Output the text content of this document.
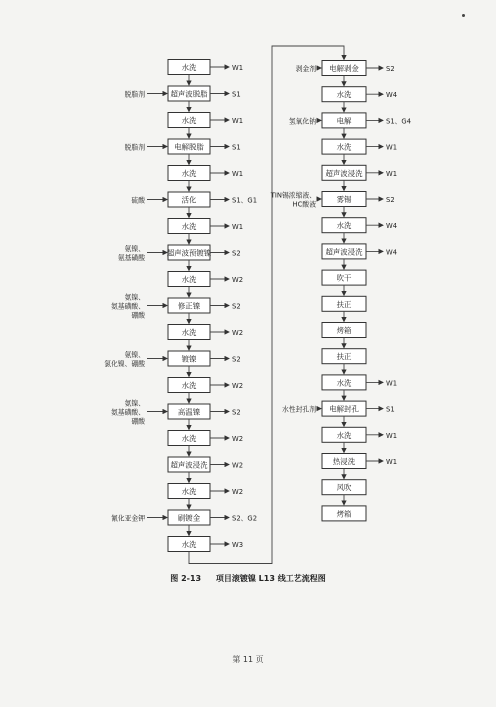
水洗	W1
超声波脱脂	S1
脱脂剂
水洗	W1
电解脱脂	S1
脱脂剂
水洗	W1
活化	S1、G1
硫酸
水洗	W1
超声波预镀镍	S2
氨镍、氨基磺酸
水洗	W2
修正镍	S2
氨镍、氨基磺酸、硼酸
水洗	W2
镀镍	S2
氨镍、氯化镍、硼酸
水洗	W2
高温镍	S2
氨镍、氨基磺酸、硼酸
水洗	W2
超声波浸洗	W2
水洗	W2
刷镀金	S2、G2
氰化亚金钾
水洗	W3
电解剥金	S2
剥金剂
水洗	W4
电解	S1、G4
氢氧化钠
水洗	W1
超声波浸洗	W1
雾锡	S2
TIN锡浓缩液、 HC酸液
水洗	W4
超声波浸洗	W4
吹干
扶正
烤箱
扶正
水洗	W1
电解封孔	S1
水性封孔剂
水洗	W1
热浸洗	W1
风吹
烤箱
图 2-13 项目滚镀镍 L13 线工艺流程图
第 11 页
